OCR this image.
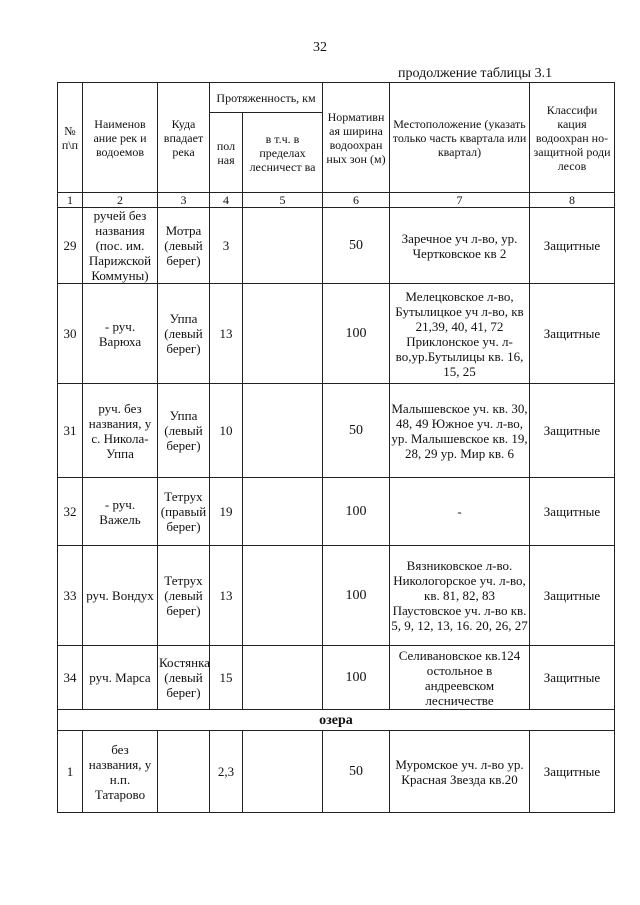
32
продолжение таблицы 3.1
№ п\п	Наименов ание рек и водоемов	Куда впадает река	Протяженность, км		Нормативн ая ширина водоохран ных зон (м)	Местоположение (указать только часть квартала или квартал)	Классифи кация водоохран но-защитной роди лесов
			пол ная	в т.ч. в пределах лесничест ва			
1	2	3	4	5	6	7	8
29	ручей без названия (пос. им. Парижской Коммуны)	Мотра (левый берег)	3		50	Заречное уч л-во, ур. Чертковское кв 2	Защитные
30	- руч. Варюха	Уппа (левый берег)	13		100	Мелецковское л-во, Бутылицкое уч л-во, кв 21,39, 40, 41, 72 Приклонское уч. л-во,ур.Бутылицы кв. 16, 15, 25	Защитные
31	руч. без названия, у с. Никола-Уппа	Уппа (левый берег)	10		50	Малышевское уч. кв. 30, 48, 49 Южное уч. л-во, ур. Малышевское кв. 19, 28, 29 ур. Мир кв. 6	Защитные
32	- руч. Важель	Тетрух (правый берег)	19		100	-	Защитные
33	руч. Вондух	Тетрух (левый берег)	13		100	Вязниковское л-во. Никологорское уч. л-во, кв. 81, 82, 83 Паустовское уч. л-во кв. 5, 9, 12, 13, 16. 20, 26, 27	Защитные
34	руч. Марса	Костянка (левый берег)	15		100	Селивановское кв.124 остольное в андреевском лесничестве	Защитные
озера							
1	без названия, у н.п. Татарово		2,3		50	Муромское уч. л-во ур. Красная Звезда кв.20	Защитные
